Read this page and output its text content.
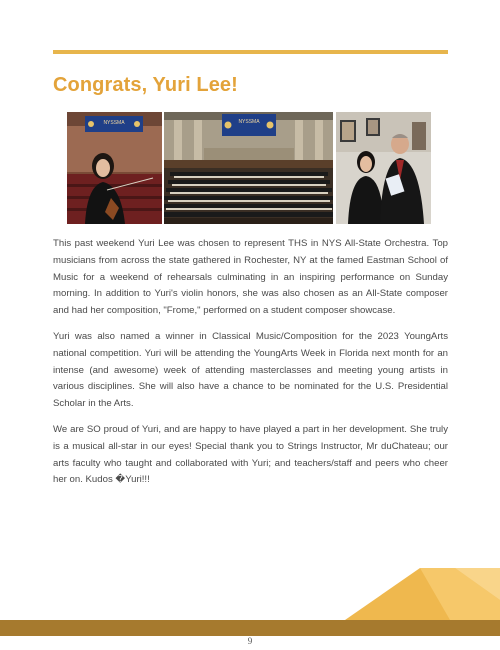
Congrats, Yuri Lee!
NYSSMA	NYSSMA

This past weekend Yuri Lee was chosen to represent THS in NYS All-State Orchestra. Top musicians from across the state gathered in Rochester, NY at the famed Eastman School of Music for a weekend of rehearsals culminating in an inspiring performance on Sunday morning. In addition to Yuri's violin honors, she was also chosen as an All-State composer and had her composition, "Frome," performed on a student composer showcase.

Yuri was also named a winner in Classical Music/Composition for the 2023 YoungArts national competition. Yuri will be attending the YoungArts Week in Florida next month for an intense (and awesome) week of attending masterclasses and meeting young artists in various disciplines. She will also have a chance to be nominated for the U.S. Presidential Scholar in the Arts.

We are SO proud of Yuri, and are happy to have played a part in her development. She truly is a musical all-star in our eyes! Special thank you to Strings Instructor, Mr duChateau; our arts faculty who taught and collaborated with Yuri; and teachers/staff and peers who cheer her on. Kudos �Yuri!!!

9
